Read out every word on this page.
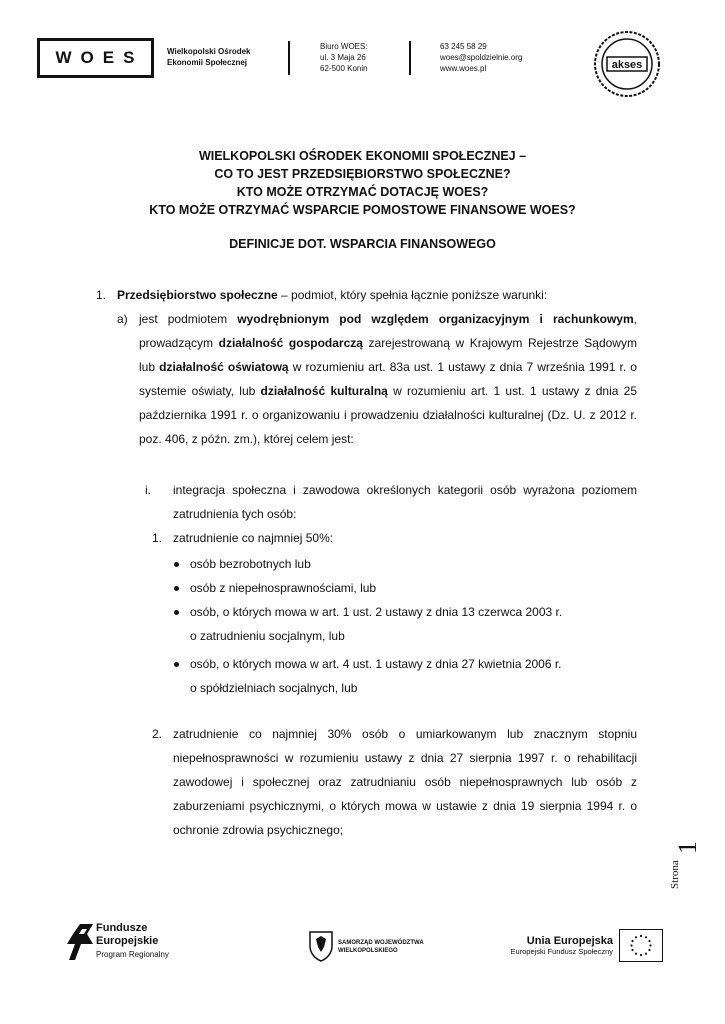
WOES	Wielkopolski Ośrodek
Ekonomii Społecznej
Biuro WOES:
ul. 3 Maja 26
62-500 Konin
63 245 58 29
woes@spoldzielnie.org
www.woes.pl	akses
WIELKOPOLSKI OŚRODEK EKONOMII SPOŁECZNEJ –
CO TO JEST PRZEDSIĘBIORSTWO SPOŁECZNE?
KTO MOŻE OTRZYMAĆ DOTACJĘ WOES?
KTO MOŻE OTRZYMAĆ WSPARCIE POMOSTOWE FINANSOWE WOES?
DEFINICJE DOT. WSPARCIA FINANSOWEGO
1. Przedsiębiorstwo społeczne – podmiot, który spełnia łącznie poniższe warunki:
a) jest podmiotem wyodrębnionym pod względem organizacyjnym i rachunkowym, prowadzącym działalność gospodarczą zarejestrowaną w Krajowym Rejestrze Sądowym lub działalność oświatową w rozumieniu art. 83a ust. 1 ustawy z dnia 7 września 1991 r. o systemie oświaty, lub działalność kulturalną w rozumieniu art. 1 ust. 1 ustawy z dnia 25 października 1991 r. o organizowaniu i prowadzeniu działalności kulturalnej (Dz. U. z 2012 r. poz. 406, z późn. zm.), której celem jest:
i. integracja społeczna i zawodowa określonych kategorii osób wyrażona poziomem zatrudnienia tych osób:
1. zatrudnienie co najmniej 50%:
osób bezrobotnych lub
osób z niepełnosprawnościami, lub
osób, o których mowa w art. 1 ust. 2 ustawy z dnia 13 czerwca 2003 r.
o zatrudnieniu socjalnym, lub
osób, o których mowa w art. 4 ust. 1 ustawy z dnia 27 kwietnia 2006 r.
o spółdzielniach socjalnych, lub
2. zatrudnienie co najmniej 30% osób o umiarkowanym lub znacznym stopniu niepełnosprawności w rozumieniu ustawy z dnia 27 sierpnia 1997 r. o rehabilitacji zawodowej i społecznej oraz zatrudnianiu osób niepełnosprawnych lub osób z zaburzeniami psychicznymi, o których mowa w ustawie z dnia 19 sierpnia 1994 r. o ochronie zdrowia psychicznego;
Strona
1
Fundusze
Europejskie
Program Regionalny
SAMORZĄD WOJEWÓDZTWA
WIELKOPOLSKIEGO
Unia Europejska
Europejski Fundusz Społeczny
